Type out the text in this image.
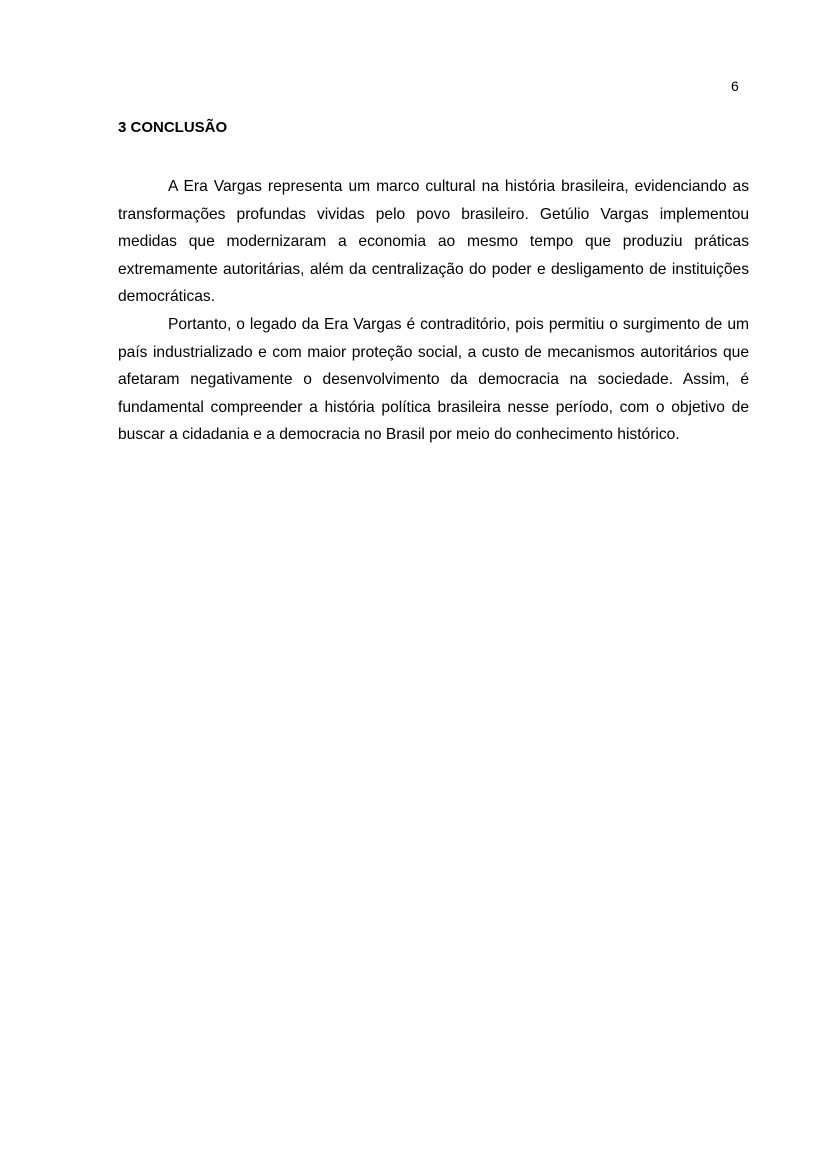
6
3 CONCLUSÃO

A Era Vargas representa um marco cultural na história brasileira, evidenciando as transformações profundas vividas pelo povo brasileiro. Getúlio Vargas implementou medidas que modernizaram a economia ao mesmo tempo que produziu práticas extremamente autoritárias, além da centralização do poder e desligamento de instituições democráticas.

Portanto, o legado da Era Vargas é contraditório, pois permitiu o surgimento de um país industrializado e com maior proteção social, a custo de mecanismos autoritários que afetaram negativamente o desenvolvimento da democracia na sociedade. Assim, é fundamental compreender a história política brasileira nesse período, com o objetivo de buscar a cidadania e a democracia no Brasil por meio do conhecimento histórico.
